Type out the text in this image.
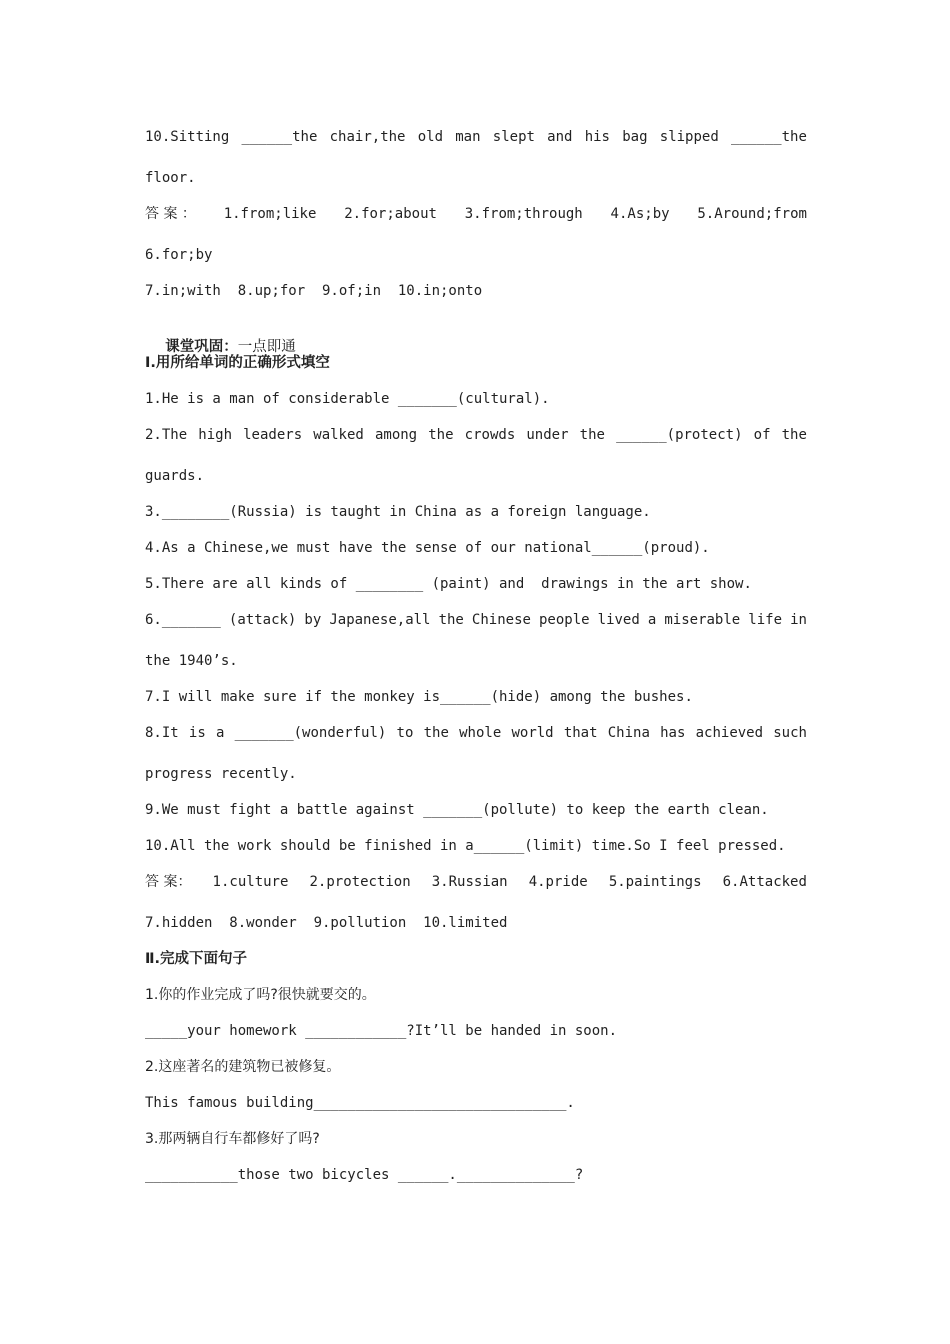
10.Sitting ______the chair,the old man slept and his bag slipped ______the
floor.
答 案 ： 1.from;like 2.for;about 3.from;through 4.As;by 5.Around;from
6.for;by
7.in;with  8.up;for  9.of;in  10.in;onto

课堂巩固：一点即通

Ⅰ.用所给单词的正确形式填空
1.He is a man of considerable _______(cultural).
2.The high leaders walked among the crowds under the ______(protect) of the
guards.
3.________(Russia) is taught in China as a foreign language.
4.As a Chinese,we must have the sense of our national______(proud).
5.There are all kinds of ________ (paint) and  drawings in the art show.
6._______ (attack) by Japanese,all the Chinese people lived a miserable life in
the 1940’s.
7.I will make sure if the monkey is______(hide) among the bushes.
8.It is a _______(wonderful) to the whole world that China has achieved such
progress recently.
9.We must fight a battle against _______(pollute) to keep the earth clean.
10.All the work should be finished in a______(limit) time.So I feel pressed.
答 案： 1.culture 2.protection 3.Russian 4.pride 5.paintings 6.Attacked
7.hidden  8.wonder  9.pollution  10.limited
Ⅱ.完成下面句子
1.你的作业完成了吗?很快就要交的。
_____your homework ____________?It’ll be handed in soon.
2.这座著名的建筑物已被修复。
This famous building______________________________.
3.那两辆自行车都修好了吗?
___________those two bicycles ______.______________?
